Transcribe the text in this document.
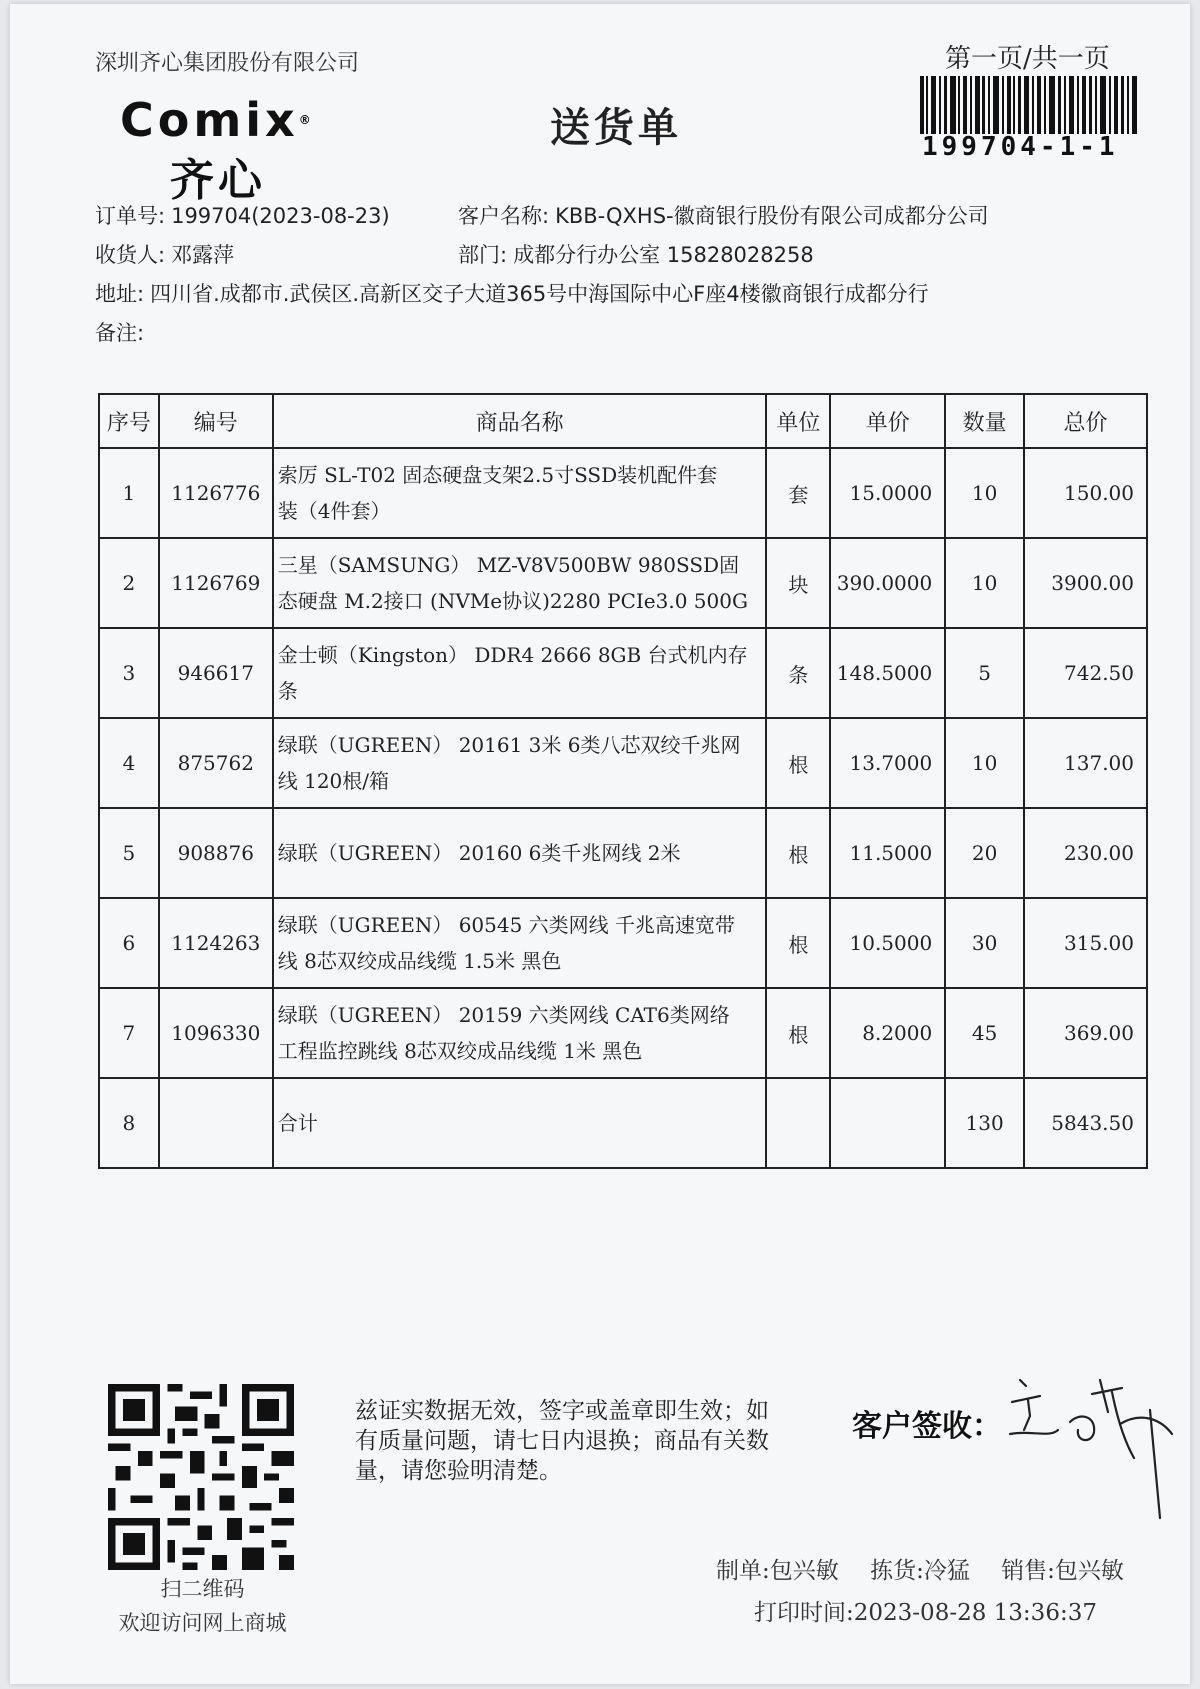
深圳齐心集团股份有限公司	第一页/共一页
199704-1-1
Comix®
齐心
送货单
订单号: 199704(2023-08-23)	客户名称: KBB-QXHS-徽商银行股份有限公司成都分公司
收货人: 邓露萍	部门: 成都分行办公室 15828028258
地址: 四川省.成都市.武侯区.高新区交子大道365号中海国际中心F座4楼徽商银行成都分行
备注:
序号	编号	商品名称	单位	单价	数量	总价
1	1126776	索厉 SL-T02 固态硬盘支架2.5寸SSD装机配件套
装（4件套）	套	15.0000	10	150.00
2	1126769	三星（SAMSUNG） MZ-V8V500BW 980SSD固
态硬盘 M.2接口 (NVMe协议)2280 PCIe3.0 500G	块	390.0000	10	3900.00
3	946617	金士顿（Kingston） DDR4 2666 8GB 台式机内存
条	条	148.5000	5	742.50
4	875762	绿联（UGREEN） 20161 3米 6类八芯双绞千兆网
线 120根/箱	根	13.7000	10	137.00
5	908876	绿联（UGREEN） 20160 6类千兆网线 2米	根	11.5000	20	230.00
6	1124263	绿联（UGREEN） 60545 六类网线 千兆高速宽带
线 8芯双绞成品线缆 1.5米 黑色	根	10.5000	30	315.00
7	1096330	绿联（UGREEN） 20159 六类网线 CAT6类网络
工程监控跳线 8芯双绞成品线缆 1米 黑色	根	8.2000	45	369.00
8		合计			130	5843.50
扫二维码
欢迎访问网上商城
兹证实数据无效，签字或盖章即生效；如有质量问题，请七日内退换；商品有关数量，请您验明清楚。
客户签收：
制单:包兴敏 拣货:冷猛 销售:包兴敏
打印时间:2023-08-28 13:36:37
